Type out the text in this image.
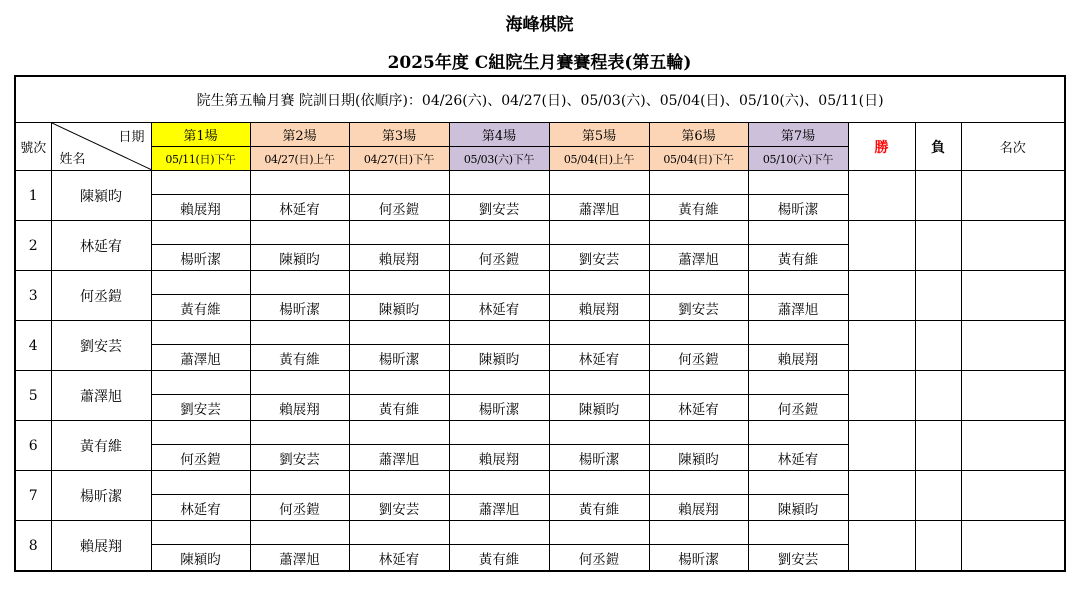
海峰棋院
2025年度 C組院生月賽賽程表(第五輪)
院生第五輪月賽 院訓日期(依順序)：04/26(六)、04/27(日)、05/03(六)、05/04(日)、05/10(六)、05/11(日)											
號次	日期
姓名	第1場	第2場	第3場	第4場	第5場	第6場	第7場	勝	負	名次
		05/11(日)下午	04/27(日)上午	04/27(日)下午	05/03(六)下午	05/04(日)上午	05/04(日)下午	05/10(六)下午			
1	陳潁昀										
		賴展翔	林延宥	何丞鎧	劉安芸	蕭澤旭	黃有維	楊昕潔			
2	林延宥										
		楊昕潔	陳潁昀	賴展翔	何丞鎧	劉安芸	蕭澤旭	黃有維			
3	何丞鎧										
		黃有維	楊昕潔	陳潁昀	林延宥	賴展翔	劉安芸	蕭澤旭			
4	劉安芸										
		蕭澤旭	黃有維	楊昕潔	陳潁昀	林延宥	何丞鎧	賴展翔			
5	蕭澤旭										
		劉安芸	賴展翔	黃有維	楊昕潔	陳潁昀	林延宥	何丞鎧			
6	黃有維										
		何丞鎧	劉安芸	蕭澤旭	賴展翔	楊昕潔	陳潁昀	林延宥			
7	楊昕潔										
		林延宥	何丞鎧	劉安芸	蕭澤旭	黃有維	賴展翔	陳潁昀			
8	賴展翔										
		陳潁昀	蕭澤旭	林延宥	黃有維	何丞鎧	楊昕潔	劉安芸			
